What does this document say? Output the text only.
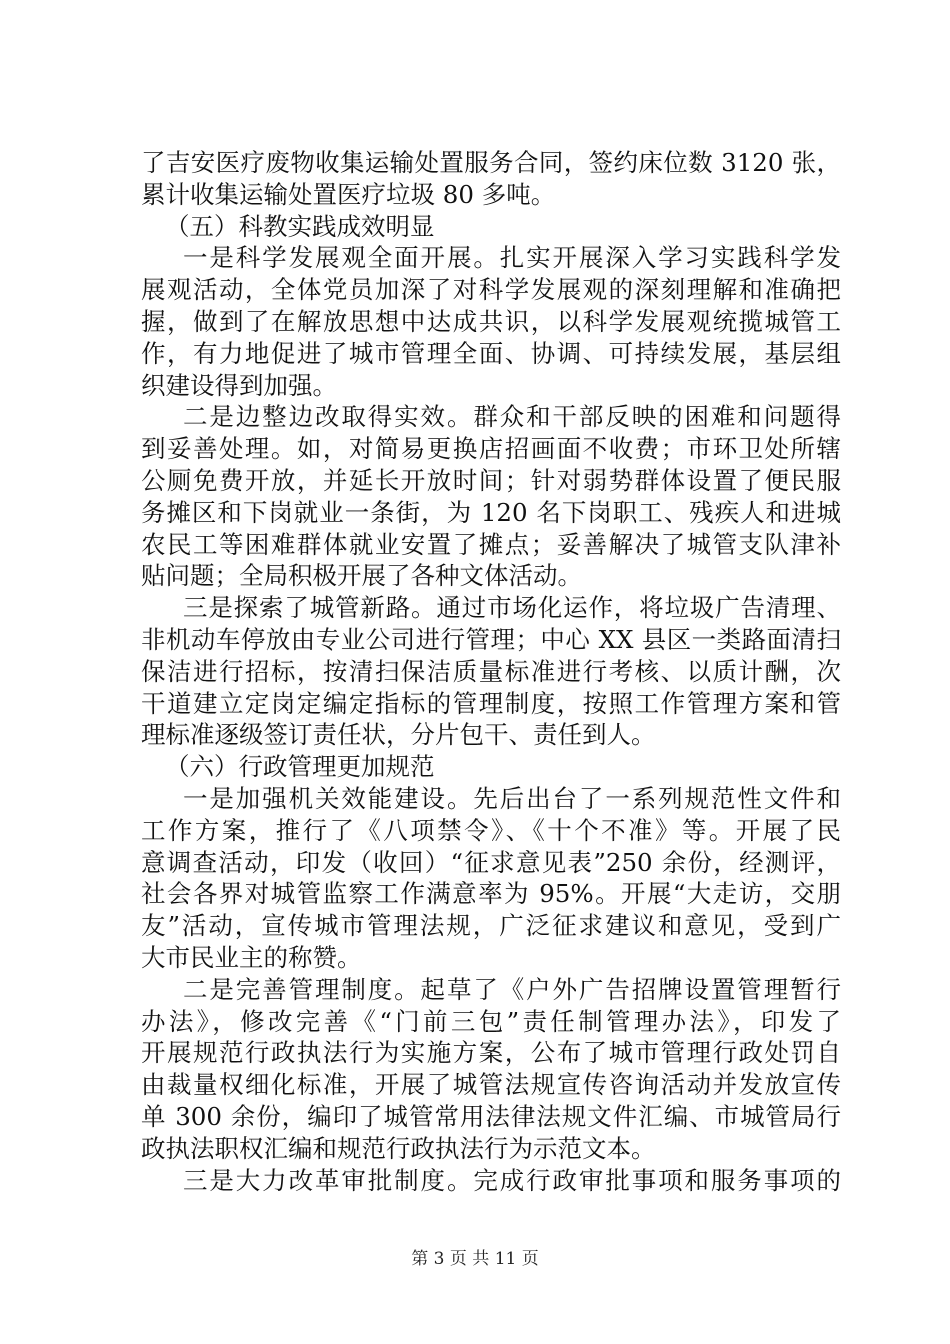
了吉安医疗废物收集运输处置服务合同，签约床位数 3120 张，
累计收集运输处置医疗垃圾 80 多吨。
（五）科教实践成效明显
一是科学发展观全面开展。扎实开展深入学习实践科学发
展观活动，全体党员加深了对科学发展观的深刻理解和准确把
握，做到了在解放思想中达成共识，以科学发展观统揽城管工
作，有力地促进了城市管理全面、协调、可持续发展，基层组
织建设得到加强。
二是边整边改取得实效。群众和干部反映的困难和问题得
到妥善处理。如，对简易更换店招画面不收费；市环卫处所辖
公厕免费开放，并延长开放时间；针对弱势群体设置了便民服
务摊区和下岗就业一条街，为 120 名下岗职工、残疾人和进城
农民工等困难群体就业安置了摊点；妥善解决了城管支队津补
贴问题；全局积极开展了各种文体活动。
三是探索了城管新路。通过市场化运作，将垃圾广告清理、
非机动车停放由专业公司进行管理；中心 XX 县区一类路面清扫
保洁进行招标，按清扫保洁质量标准进行考核、以质计酬，次
干道建立定岗定编定指标的管理制度，按照工作管理方案和管
理标准逐级签订责任状，分片包干、责任到人。
（六）行政管理更加规范
一是加强机关效能建设。先后出台了一系列规范性文件和
工作方案，推行了《八项禁令》、《十个不准》等。开展了民
意调查活动，印发（收回）“征求意见表”250 余份，经测评，
社会各界对城管监察工作满意率为 95%。开展“大走访，交朋
友”活动，宣传城市管理法规，广泛征求建议和意见，受到广
大市民业主的称赞。
二是完善管理制度。起草了《户外广告招牌设置管理暂行
办法》，修改完善《“门前三包”责任制管理办法》，印发了
开展规范行政执法行为实施方案，公布了城市管理行政处罚自
由裁量权细化标准，开展了城管法规宣传咨询活动并发放宣传
单 300 余份，编印了城管常用法律法规文件汇编、市城管局行
政执法职权汇编和规范行政执法行为示范文本。
三是大力改革审批制度。完成行政审批事项和服务事项的
第 3 页 共 11 页
